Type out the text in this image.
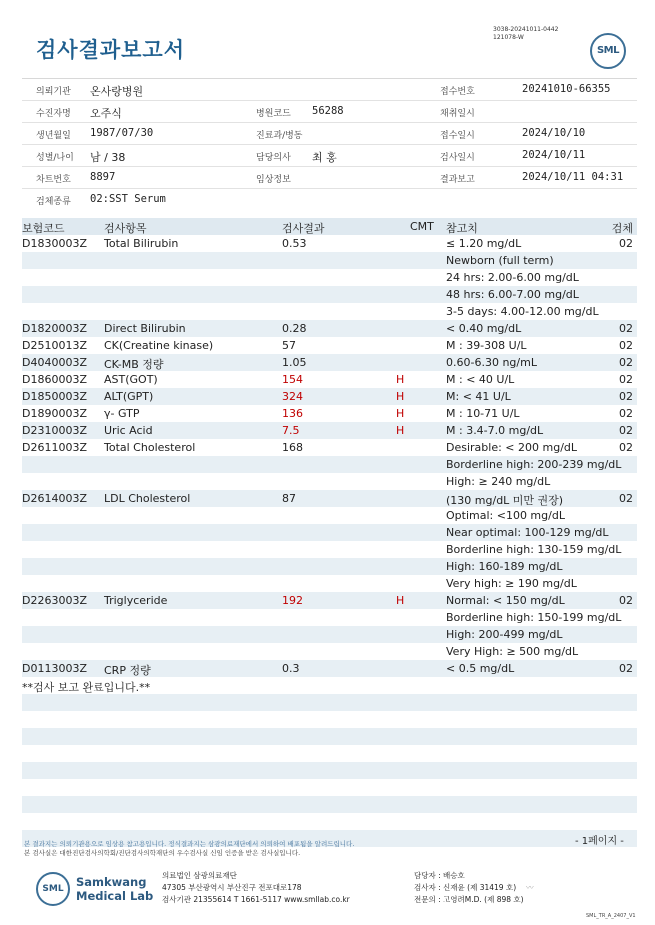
검사결과보고서
3038-20241011-0442
121078-W
SML
의뢰기관 온사랑병원	접수번호	20241010-66355
수진자명 오주식	병원코드 56288	채취일시
생년월일 1987/07/30	진료과/병동	접수일시	2024/10/10
성별/나이 남 / 38	담당의사 최 홍	검사일시	2024/10/11
차트번호 8897	임상정보	결과보고	2024/10/11 04:31
검체종류 02:SST Serum
보험코드	검사항목	검사결과	CMT 참고치	검체
D1830003Z Total Bilirubin	0.53	≤ 1.20 mg/dL	02
Newborn (full term)
24 hrs: 2.00-6.00 mg/dL
48 hrs: 6.00-7.00 mg/dL
3-5 days: 4.00-12.00 mg/dL
D1820003Z Direct Bilirubin	0.28	< 0.40 mg/dL	02
D2510013Z CK(Creatine kinase)	57	M : 39-308 U/L	02
D4040003Z CK-MB 정량	1.05	0.60-6.30 ng/mL	02
D1860003Z AST(GOT)	154	H	M : < 40 U/L	02
D1850003Z ALT(GPT)	324	H	M: < 41 U/L	02
D1890003Z γ- GTP	136	H	M : 10-71 U/L	02
D2310003Z Uric Acid	7.5	H	M : 3.4-7.0 mg/dL	02
D2611003Z Total Cholesterol	168	Desirable: < 200 mg/dL	02
Borderline high: 200-239 mg/dL
High: ≥ 240 mg/dL
D2614003Z LDL Cholesterol	87	(130 mg/dL 미만 권장)	02
Optimal: <100 mg/dL
Near optimal: 100-129 mg/dL
Borderline high: 130-159 mg/dL
High: 160-189 mg/dL
Very high: ≥ 190 mg/dL
D2263003Z Triglyceride	192	H	Normal: < 150 mg/dL	02
Borderline high: 150-199 mg/dL
High: 200-499 mg/dL
Very High: ≥ 500 mg/dL
D0113003Z CRP 정량	0.3	< 0.5 mg/dL	02
**검사 보고 완료입니다.**
- 1페이지 -
본 결과지는 의뢰기관용으로 임상용 참고용입니다. 정식결과지는 삼광의료재단에서 의뢰하여 배포됨을 알려드립니다.
본 검사실은 대한진단검사의학회/진단검사의학재단의 우수검사실 신임 인증을 받은 검사실입니다.
SML	Samkwang
Medical Lab
의료법인 삼광의료재단
47305 부산광역시 부산진구 전포대로178
검사기관 21355614 T 1661-5117 www.smllab.co.kr
담당자 : 배승호
검사자 : 신재윤 (제 31419 호) 〰︎
전문의 : 고영려M.D. (제 898 호)
SML_TR_A_2407_V1
